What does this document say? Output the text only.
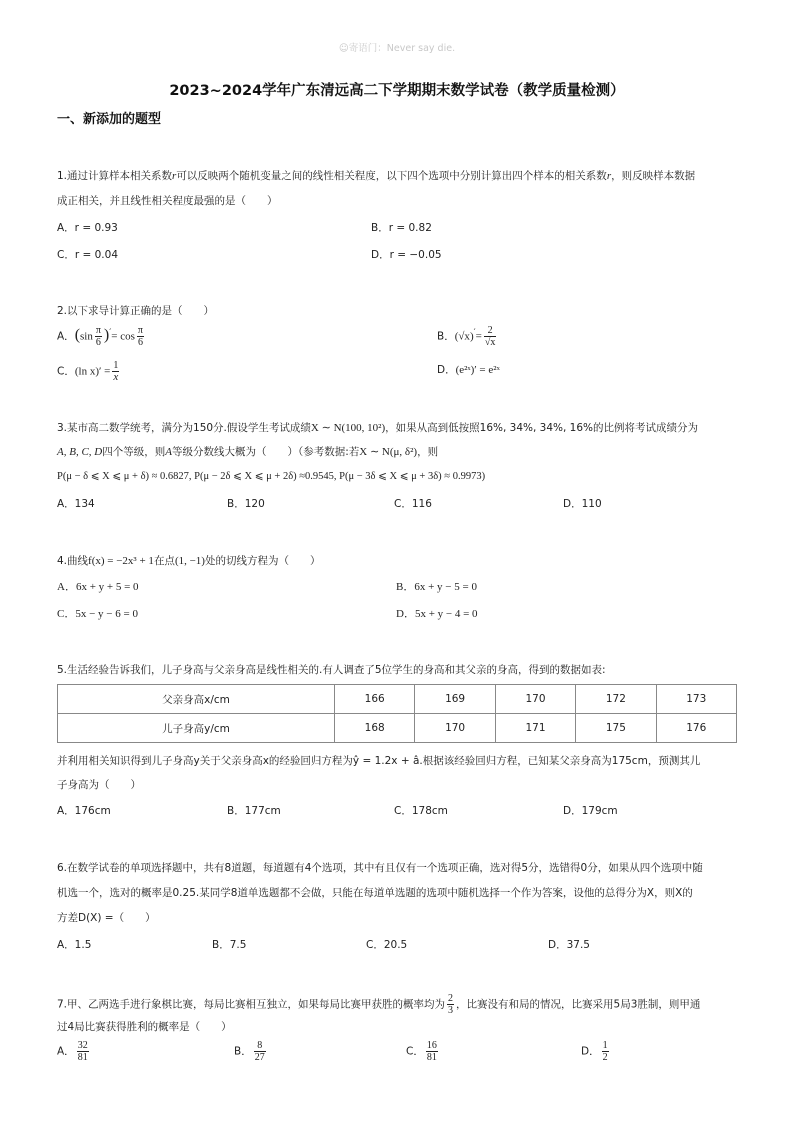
☺寄语门：Never say die.
2023~2024学年广东清远高二下学期期末数学试卷（教学质量检测）
一、新添加的题型
1.通过计算样本相关系数r可以反映两个随机变量之间的线性相关程度，以下四个选项中分别计算出四个样本的相关系数r，则反映样本数据
成正相关，并且线性相关程度最强的是（　　）
A．r = 0.93	B．r = 0.82
C．r = 0.04	D．r = −0.05
2.以下求导计算正确的是（　　）
A．$(\sin \frac{\pi}{6} )'= \cos \frac{\pi}{6}$	B．$(√x)'= \frac{2}{√x}$
C．(ln $x)' = \frac{1}{x}$	D．(e²ˣ)′ = e²ˣ
3.某市高二数学统考，满分为150分.假设学生考试成绩X ∼ N(100, 10²)，如果从高到低按照16%, 34%, 34%, 16%的比例将考试成绩分为
A, B, C, D四个等级，则A等级分数线大概为（　　）（参考数据:若X ∼ N(μ, δ²)，则
P(μ − δ ⩽ X ⩽ μ + δ) ≈ 0.6827, P(μ − 2δ ⩽ X ⩽ μ + 2δ) ≈0.9545, P(μ − 3δ ⩽ X ⩽ μ + 3δ) ≈ 0.9973)
A．134	B．120	C．116	D．110
4.曲线f(x) = −2x³ + 1在点(1, −1)处的切线方程为（　　）
A．6x + y + 5 = 0	B．6x + y − 5 = 0
C．5x − y − 6 = 0	D．5x + y − 4 = 0
5.生活经验告诉我们，儿子身高与父亲身高是线性相关的.有人调查了5位学生的身高和其父亲的身高，得到的数据如表:
父亲身高x/cm	166	169	170	172	173
儿子身高y/cm	168	170	171	175	176
并利用相关知识得到儿子身高y关于父亲身高x的经验回归方程为ŷ = 1.2x + â.根据该经验回归方程，已知某父亲身高为175cm，预测其儿
子身高为（　　）
A．176cm	B．177cm	C．178cm	D．179cm
6.在数学试卷的单项选择题中，共有8道题，每道题有4个选项，其中有且仅有一个选项正确，选对得5分，选错得0分，如果从四个选项中随
机选一个，选对的概率是0.25.某同学8道单选题都不会做，只能在每道单选题的选项中随机选择一个作为答案，设他的总得分为X，则X的
方差D(X) =（　　）
A．1.5	B．7.5	C．20.5	D．37.5
7.甲、乙两选手进行象棋比赛，每局比赛相互独立，如果每局比赛甲获胜的概率均为 $\frac{2}{3}$ ，比赛没有和局的情况，比赛采用5局3胜制，则甲通
过4局比赛获得胜利的概率是（　　）
A． $\frac{32}{81}$	B． $\frac{8}{27}$	C． $\frac{16}{81}$	D． $\frac{1}{2}$
